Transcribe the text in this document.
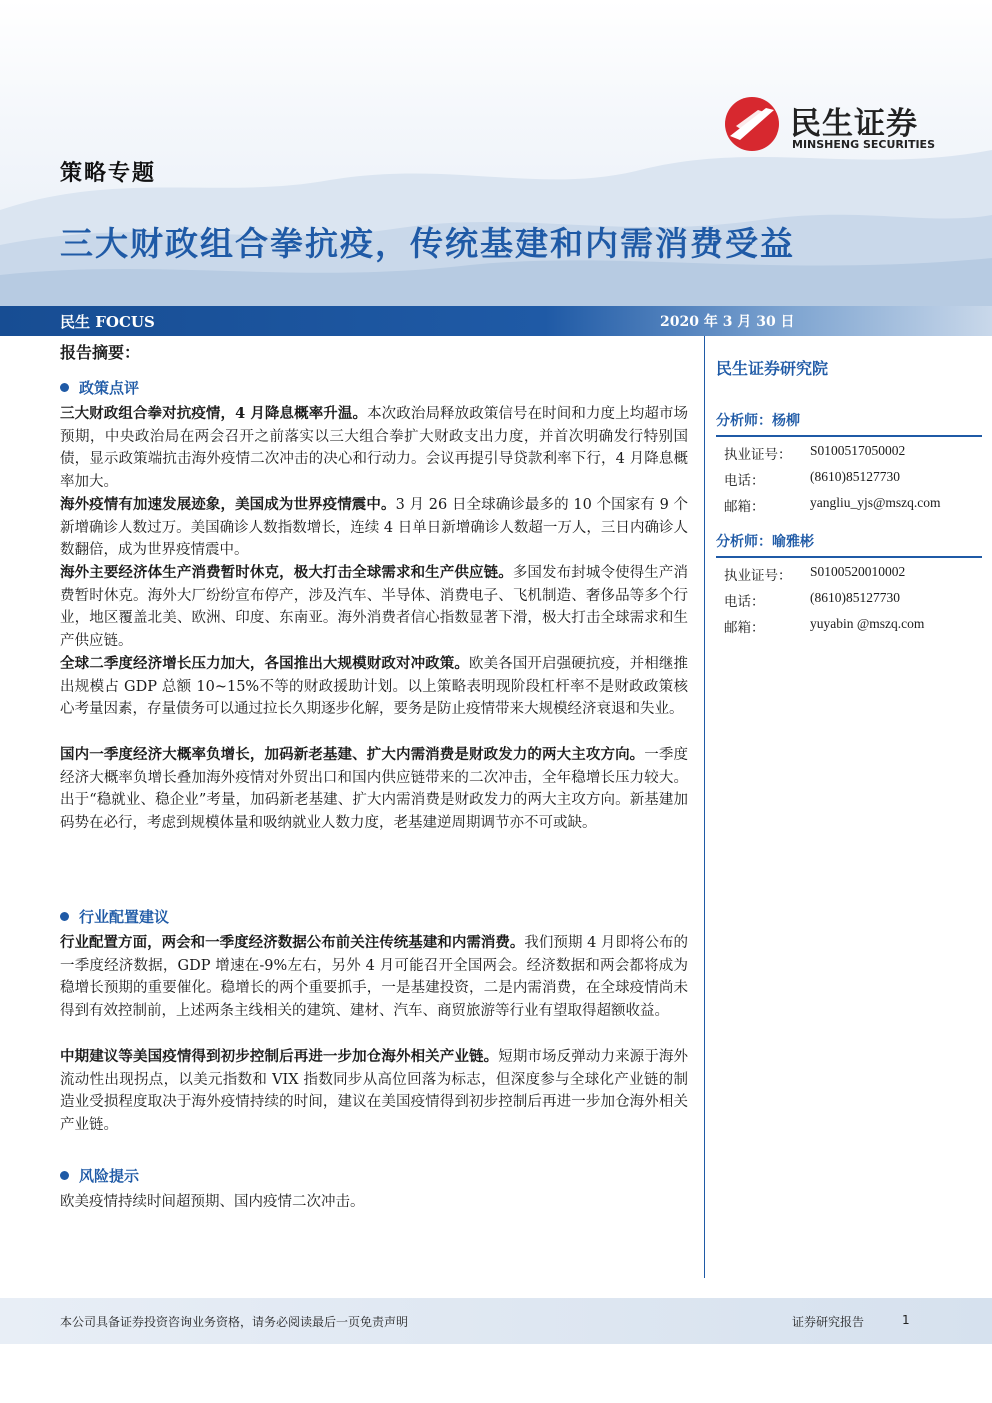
民生证券
MINSHENG SECURITIES
策略专题
三大财政组合拳抗疫，传统基建和内需消费受益
民生 FOCUS	2020 年 3 月 30 日
报告摘要：
政策点评
三大财政组合拳对抗疫情，4 月降息概率升温。本次政治局释放政策信号在时间和力度上均超市场预期，中央政治局在两会召开之前落实以三大组合拳扩大财政支出力度，并首次明确发行特别国债，显示政策端抗击海外疫情二次冲击的决心和行动力。会议再提引导贷款利率下行，4 月降息概率加大。
海外疫情有加速发展迹象，美国成为世界疫情震中。3 月 26 日全球确诊最多的 10 个国家有 9 个新增确诊人数过万。美国确诊人数指数增长，连续 4 日单日新增确诊人数超一万人，三日内确诊人数翻倍，成为世界疫情震中。
海外主要经济体生产消费暂时休克，极大打击全球需求和生产供应链。多国发布封城令使得生产消费暂时休克。海外大厂纷纷宣布停产，涉及汽车、半导体、消费电子、飞机制造、奢侈品等多个行业，地区覆盖北美、欧洲、印度、东南亚。海外消费者信心指数显著下滑，极大打击全球需求和生产供应链。
全球二季度经济增长压力加大，各国推出大规模财政对冲政策。欧美各国开启强硬抗疫，并相继推出规模占 GDP 总额 10~15%不等的财政援助计划。以上策略表明现阶段杠杆率不是财政政策核心考量因素，存量债务可以通过拉长久期逐步化解，要务是防止疫情带来大规模经济衰退和失业。
国内一季度经济大概率负增长，加码新老基建、扩大内需消费是财政发力的两大主攻方向。一季度经济大概率负增长叠加海外疫情对外贸出口和国内供应链带来的二次冲击，全年稳增长压力较大。出于“稳就业、稳企业”考量，加码新老基建、扩大内需消费是财政发力的两大主攻方向。新基建加码势在必行，考虑到规模体量和吸纳就业人数力度，老基建逆周期调节亦不可或缺。
行业配置建议
行业配置方面，两会和一季度经济数据公布前关注传统基建和内需消费。我们预期 4 月即将公布的一季度经济数据，GDP 增速在-9%左右，另外 4 月可能召开全国两会。经济数据和两会都将成为稳增长预期的重要催化。稳增长的两个重要抓手，一是基建投资，二是内需消费，在全球疫情尚未得到有效控制前，上述两条主线相关的建筑、建材、汽车、商贸旅游等行业有望取得超额收益。
中期建议等美国疫情得到初步控制后再进一步加仓海外相关产业链。短期市场反弹动力来源于海外流动性出现拐点，以美元指数和 VIX 指数同步从高位回落为标志，但深度参与全球化产业链的制造业受损程度取决于海外疫情持续的时间，建议在美国疫情得到初步控制后再进一步加仓海外相关产业链。
风险提示
欧美疫情持续时间超预期、国内疫情二次冲击。
民生证券研究院
分析师：杨柳
执业证号： S0100517050002
电话：	(8610)85127730
邮箱：	yangliu_yjs@mszq.com
分析师：喻雅彬
执业证号： S0100520010002
电话：	(8610)85127730
邮箱：	yuyabin @mszq.com
本公司具备证券投资咨询业务资格，请务必阅读最后一页免责声明	证券研究报告	1
